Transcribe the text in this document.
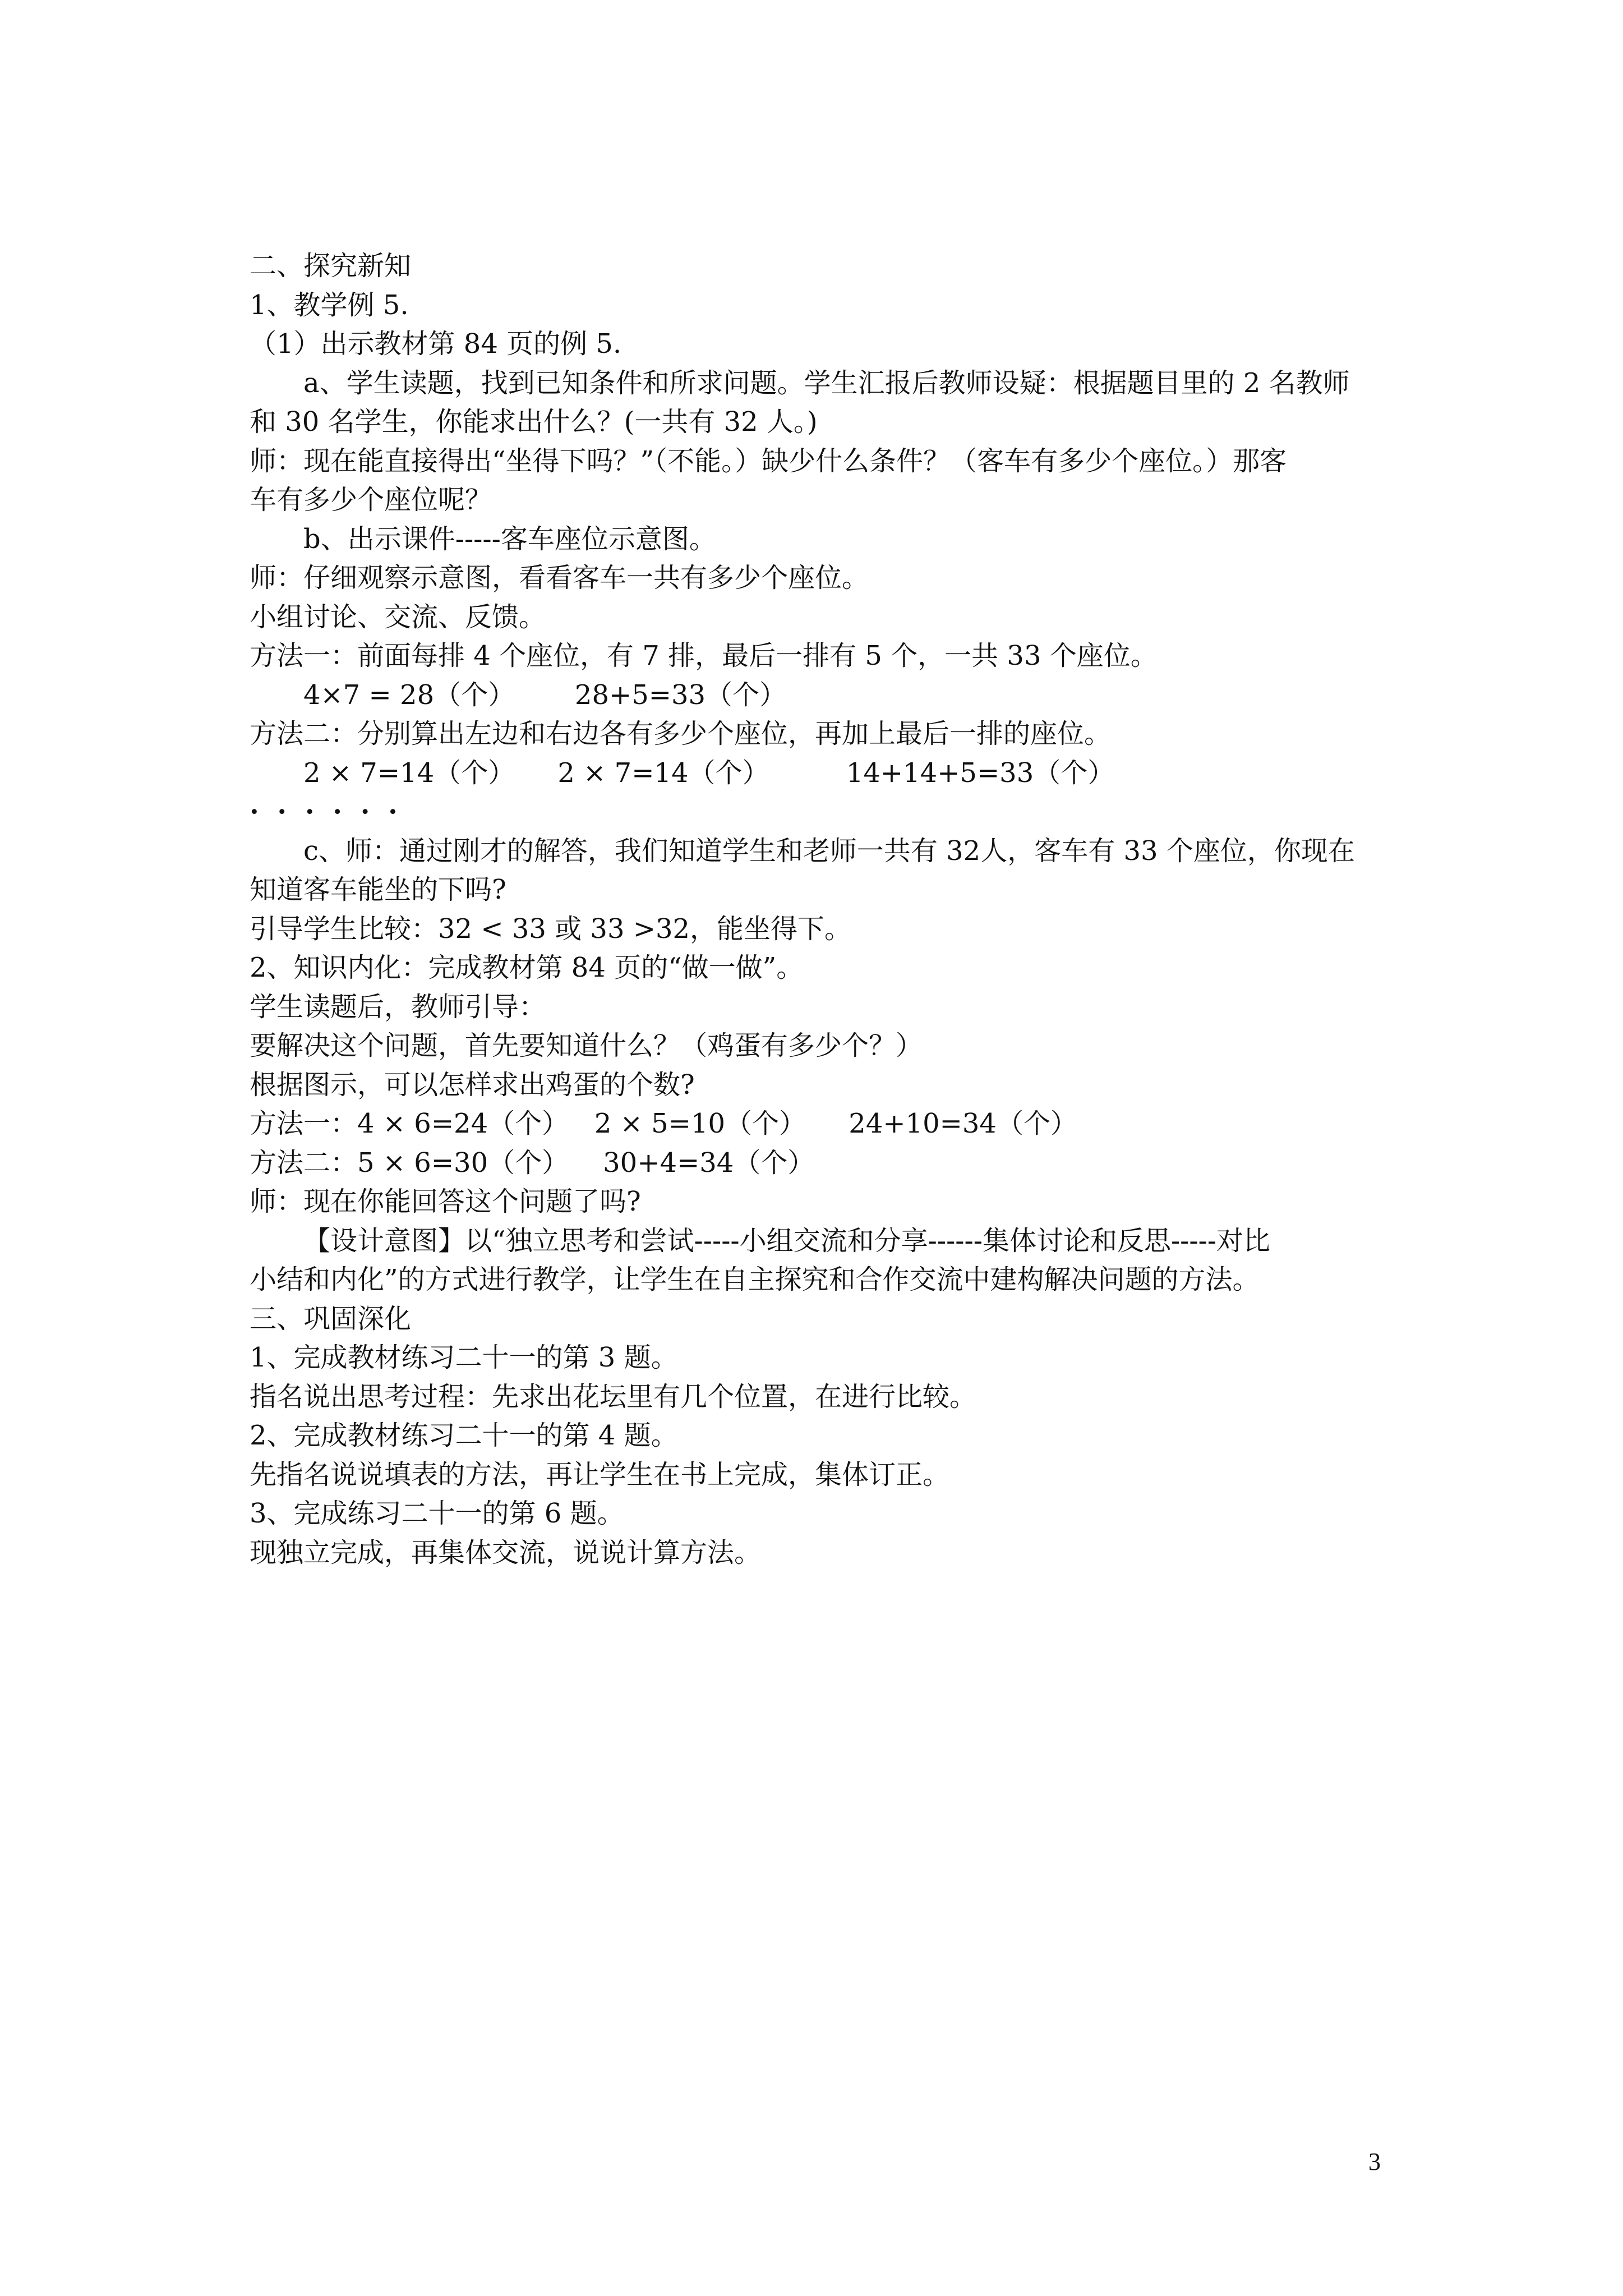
二、探究新知

1、教学例 5.

（1）出示教材第 84 页的例 5.

a、学生读题，找到已知条件和所求问题。学生汇报后教师设疑：根据题目里的 2 名教师

和 30 名学生，你能求出什么？(一共有 32 人。)

师：现在能直接得出“坐得下吗？”（不能。）缺少什么条件？（客车有多少个座位。）那客

车有多少个座位呢？

b、出示课件-----客车座位示意图。

师：仔细观察示意图，看看客车一共有多少个座位。

小组讨论、交流、反馈。

方法一：前面每排 4 个座位，有 7 排，最后一排有 5 个，一共 33 个座位。

4×7 = 28（个）       28+5=33（个）

方法二：分别算出左边和右边各有多少个座位，再加上最后一排的座位。

2 × 7=14（个）     2 × 7=14（个）         14+14+5=33（个）

· · · · · ·

c、师：通过刚才的解答，我们知道学生和老师一共有 32人，客车有 33 个座位，你现在

知道客车能坐的下吗?

引导学生比较：32 < 33 或 33 >32，能坐得下。

2、知识内化：完成教材第 84 页的“做一做”。

学生读题后，教师引导：

要解决这个问题，首先要知道什么？（鸡蛋有多少个？）

根据图示，可以怎样求出鸡蛋的个数?

方法一：4 × 6=24（个）   2 × 5=10（个）     24+10=34（个）

方法二：5 × 6=30（个）    30+4=34（个）

师：现在你能回答这个问题了吗?

【设计意图】以“独立思考和尝试-----小组交流和分享------集体讨论和反思-----对比

小结和内化”的方式进行教学，让学生在自主探究和合作交流中建构解决问题的方法。

三、巩固深化

1、完成教材练习二十一的第 3 题。

指名说出思考过程：先求出花坛里有几个位置，在进行比较。

2、完成教材练习二十一的第 4 题。

先指名说说填表的方法，再让学生在书上完成，集体订正。

3、完成练习二十一的第 6 题。

现独立完成，再集体交流，说说计算方法。

3
